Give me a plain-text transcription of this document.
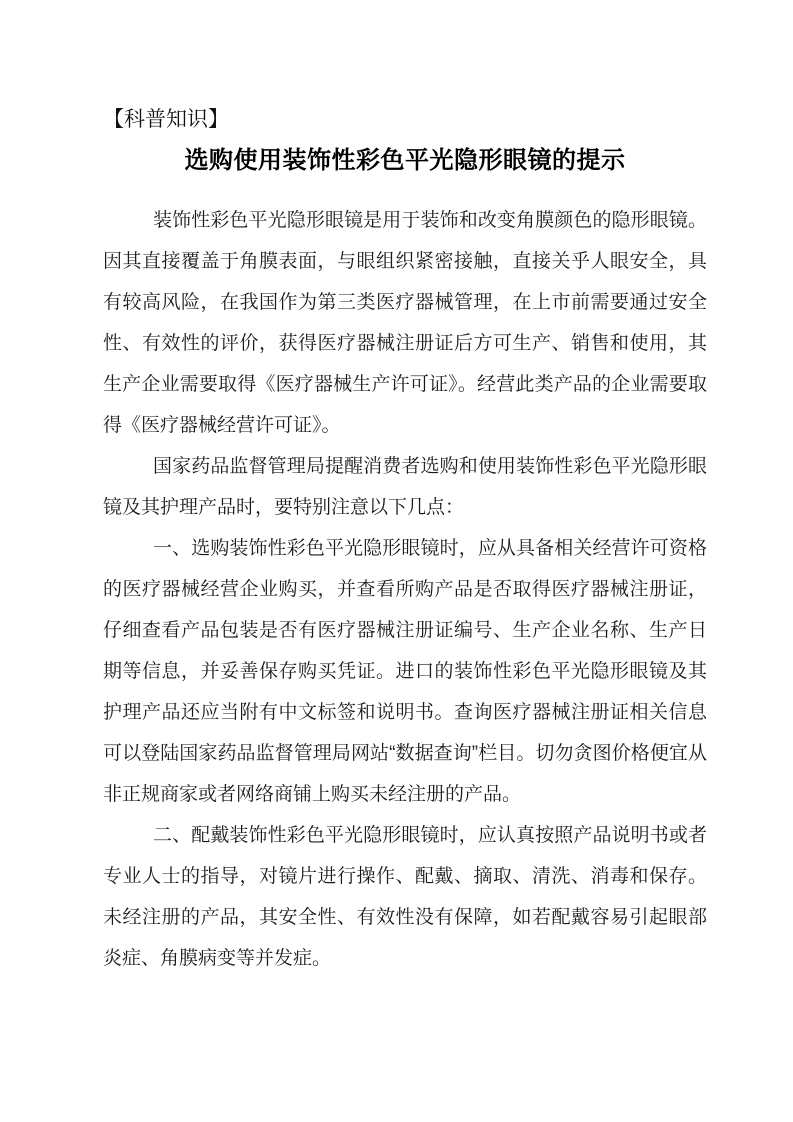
【科普知识】

选购使用装饰性彩色平光隐形眼镜的提示

装饰性彩色平光隐形眼镜是用于装饰和改变角膜颜色的隐形眼镜。因其直接覆盖于角膜表面，与眼组织紧密接触，直接关乎人眼安全，具有较高风险，在我国作为第三类医疗器械管理，在上市前需要通过安全性、有效性的评价，获得医疗器械注册证后方可生产、销售和使用，其生产企业需要取得《医疗器械生产许可证》。经营此类产品的企业需要取得《医疗器械经营许可证》。

国家药品监督管理局提醒消费者选购和使用装饰性彩色平光隐形眼镜及其护理产品时，要特别注意以下几点：

一、选购装饰性彩色平光隐形眼镜时，应从具备相关经营许可资格的医疗器械经营企业购买，并查看所购产品是否取得医疗器械注册证，仔细查看产品包装是否有医疗器械注册证编号、生产企业名称、生产日期等信息，并妥善保存购买凭证。进口的装饰性彩色平光隐形眼镜及其护理产品还应当附有中文标签和说明书。查询医疗器械注册证相关信息可以登陆国家药品监督管理局网站“数据查询”栏目。切勿贪图价格便宜从非正规商家或者网络商铺上购买未经注册的产品。

二、配戴装饰性彩色平光隐形眼镜时，应认真按照产品说明书或者专业人士的指导，对镜片进行操作、配戴、摘取、清洗、消毒和保存。未经注册的产品，其安全性、有效性没有保障，如若配戴容易引起眼部炎症、角膜病变等并发症。
